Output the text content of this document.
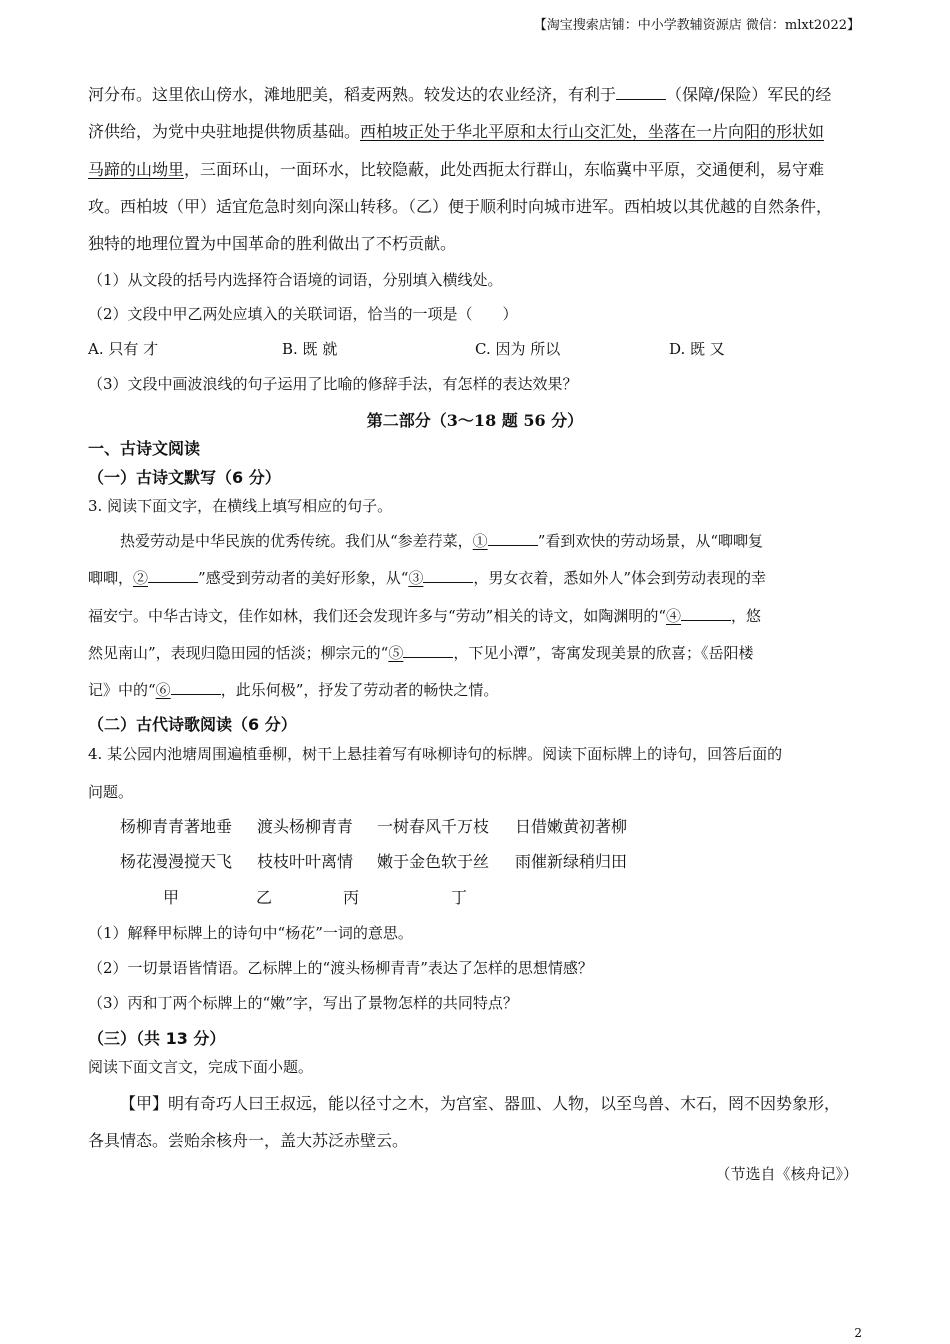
【淘宝搜索店铺：中小学教辅资源店 微信：mlxt2022】
河分布。这里依山傍水，滩地肥美，稻麦两熟。较发达的农业经济，有利于	（保障/保险）军民的经
济供给，为党中央驻地提供物质基础。西柏坡正处于华北平原和太行山交汇处，坐落在一片向阳的形状如
马蹄的山坳里，三面环山，一面环水，比较隐蔽，此处西扼太行群山，东临冀中平原，交通便利，易守难
攻。西柏坡（甲）适宜危急时刻向深山转移。（乙）便于顺利时向城市进军。西柏坡以其优越的自然条件，
独特的地理位置为中国革命的胜利做出了不朽贡献。
（1）从文段的括号内选择符合语境的词语，分别填入横线处。
（2）文段中甲乙两处应填入的关联词语，恰当的一项是（　　）
A. 只有 才	B. 既 就	C. 因为 所以	D. 既 又
（3）文段中画波浪线的句子运用了比喻的修辞手法，有怎样的表达效果？
第二部分（3～18 题 56 分）
一、古诗文阅读
（一）古诗文默写（6 分）
3. 阅读下面文字，在横线上填写相应的句子。
热爱劳动是中华民族的优秀传统。我们从“参差荇菜，①	”看到欢快的劳动场景，从“唧唧复
唧唧，②	”感受到劳动者的美好形象，从“③	，男女衣着，悉如外人”体会到劳动表现的幸
福安宁。中华古诗文，佳作如林，我们还会发现许多与“劳动”相关的诗文，如陶渊明的“④	，悠
然见南山”，表现归隐田园的恬淡；柳宗元的“⑤	，下见小潭”，寄寓发现美景的欣喜；《岳阳楼
记》中的“⑥	，此乐何极”，抒发了劳动者的畅快之情。
（二）古代诗歌阅读（6 分）
4. 某公园内池塘周围遍植垂柳，树干上悬挂着写有咏柳诗句的标牌。阅读下面标牌上的诗句，回答后面的
问题。
杨柳青青著地垂 渡头杨柳青青 一树春风千万枝 日借嫩黄初著柳
杨花漫漫搅天飞 枝枝叶叶离情 嫩于金色软于丝 雨催新绿稍归田
甲	乙	丙	丁
（1）解释甲标牌上的诗句中“杨花”一词的意思。
（2）一切景语皆情语。乙标牌上的“渡头杨柳青青”表达了怎样的思想情感？
（3）丙和丁两个标牌上的“嫩”字，写出了景物怎样的共同特点？
（三）（共 13 分）
阅读下面文言文，完成下面小题。
【甲】明有奇巧人曰王叔远，能以径寸之木，为宫室、器皿、人物，以至鸟兽、木石，罔不因势象形，
各具情态。尝贻余核舟一，盖大苏泛赤壁云。
（节选自《核舟记》）
2
